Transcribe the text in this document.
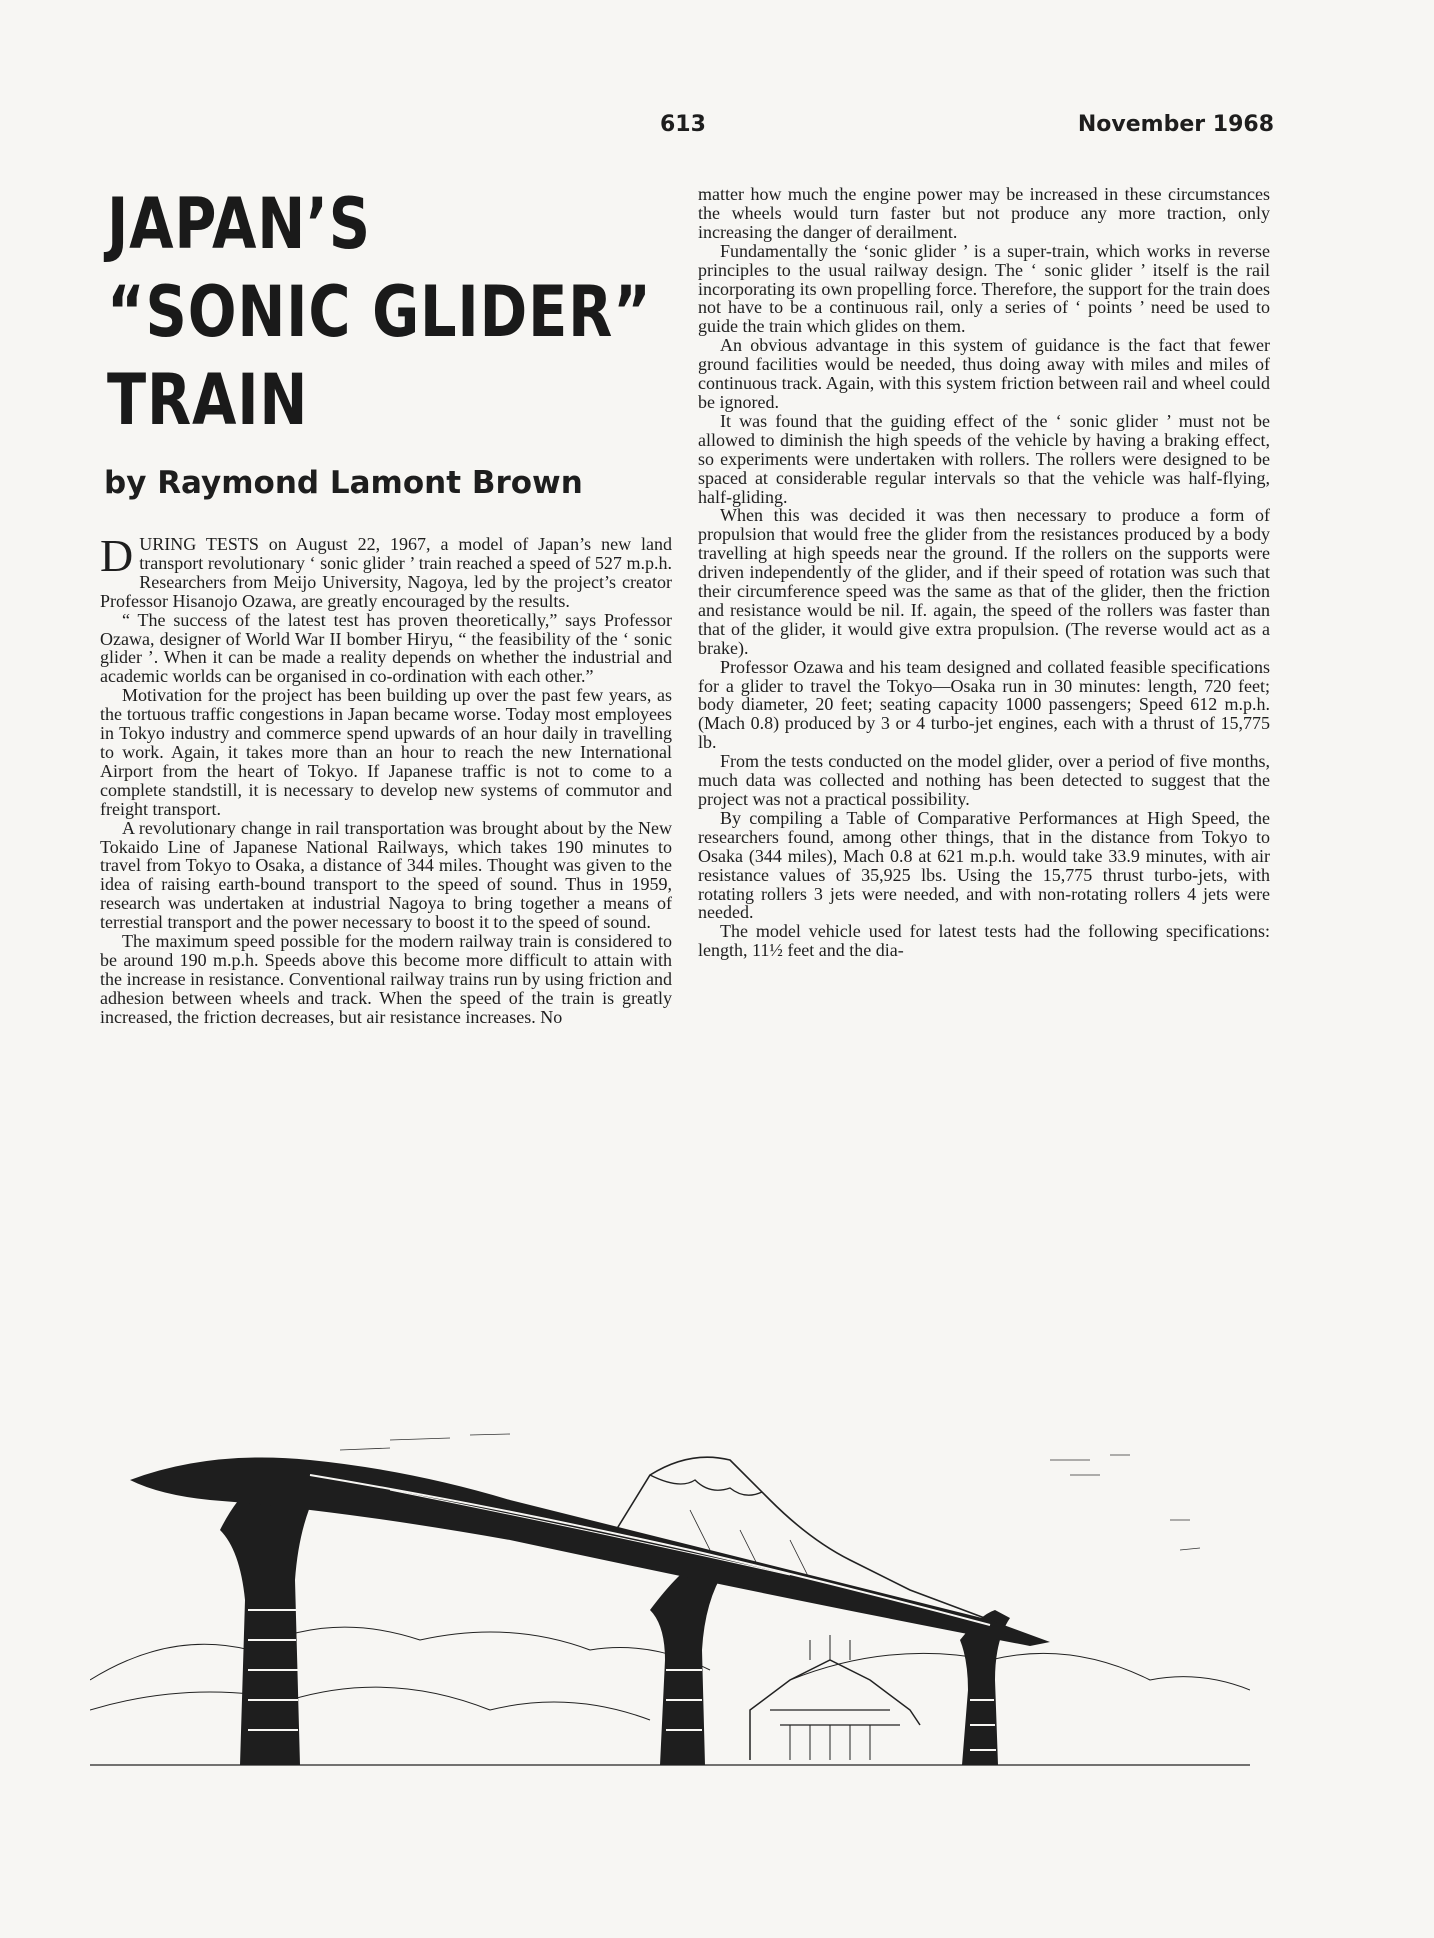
613	November 1968
JAPAN’S
“SONIC GLIDER”
TRAIN
by Raymond Lamont Brown

DURING TESTS on August 22, 1967, a model of Japan’s new land transport revolutionary ‘ sonic glider ’ train reached a speed of 527 m.p.h. Researchers from Meijo University, Nagoya, led by the project’s creator Professor Hisanojo Ozawa, are greatly encouraged by the results.

“ The success of the latest test has proven theoretically,” says Professor Ozawa, designer of World War II bomber Hiryu, “ the feasibility of the ‘ sonic glider ’. When it can be made a reality depends on whether the industrial and academic worlds can be organised in co-ordination with each other.”

Motivation for the project has been building up over the past few years, as the tortuous traffic congestions in Japan became worse. Today most employees in Tokyo industry and commerce spend upwards of an hour daily in travelling to work. Again, it takes more than an hour to reach the new International Airport from the heart of Tokyo. If Japanese traffic is not to come to a complete standstill, it is necessary to develop new systems of commutor and freight transport.

A revolutionary change in rail transportation was brought about by the New Tokaido Line of Japanese National Railways, which takes 190 minutes to travel from Tokyo to Osaka, a distance of 344 miles. Thought was given to the idea of raising earth-bound transport to the speed of sound. Thus in 1959, research was undertaken at industrial Nagoya to bring together a means of terrestial transport and the power necessary to boost it to the speed of sound.

The maximum speed possible for the modern railway train is considered to be around 190 m.p.h. Speeds above this become more difficult to attain with the increase in resistance. Conventional railway trains run by using friction and adhesion between wheels and track. When the speed of the train is greatly increased, the friction decreases, but air resistance increases. No

matter how much the engine power may be increased in these circumstances the wheels would turn faster but not produce any more traction, only increasing the danger of derailment.

Fundamentally the ‘sonic glider ’ is a super-train, which works in reverse principles to the usual railway design. The ‘ sonic glider ’ itself is the rail incorporating its own propelling force. Therefore, the support for the train does not have to be a continuous rail, only a series of ‘ points ’ need be used to guide the train which glides on them.

An obvious advantage in this system of guidance is the fact that fewer ground facilities would be needed, thus doing away with miles and miles of continuous track. Again, with this system friction between rail and wheel could be ignored.

It was found that the guiding effect of the ‘ sonic glider ’ must not be allowed to diminish the high speeds of the vehicle by having a braking effect, so experiments were undertaken with rollers. The rollers were designed to be spaced at considerable regular intervals so that the vehicle was half-flying, half-gliding.

When this was decided it was then necessary to produce a form of propulsion that would free the glider from the resistances produced by a body travelling at high speeds near the ground. If the rollers on the supports were driven independently of the glider, and if their speed of rotation was such that their circumference speed was the same as that of the glider, then the friction and resistance would be nil. If. again, the speed of the rollers was faster than that of the glider, it would give extra propulsion. (The reverse would act as a brake).

Professor Ozawa and his team designed and collated feasible specifications for a glider to travel the Tokyo—Osaka run in 30 minutes: length, 720 feet; body diameter, 20 feet; seating capacity 1000 passengers; Speed 612 m.p.h. (Mach 0.8) produced by 3 or 4 turbo-jet engines, each with a thrust of 15,775 lb.

From the tests conducted on the model glider, over a period of five months, much data was collected and nothing has been detected to suggest that the project was not a practical possibility.

By compiling a Table of Comparative Performances at High Speed, the researchers found, among other things, that in the distance from Tokyo to Osaka (344 miles), Mach 0.8 at 621 m.p.h. would take 33.9 minutes, with air resistance values of 35,925 lbs. Using the 15,775 thrust turbo-jets, with rotating rollers 3 jets were needed, and with non-rotating rollers 4 jets were needed.

The model vehicle used for latest tests had the following specifications: length, 11½ feet and the dia-
